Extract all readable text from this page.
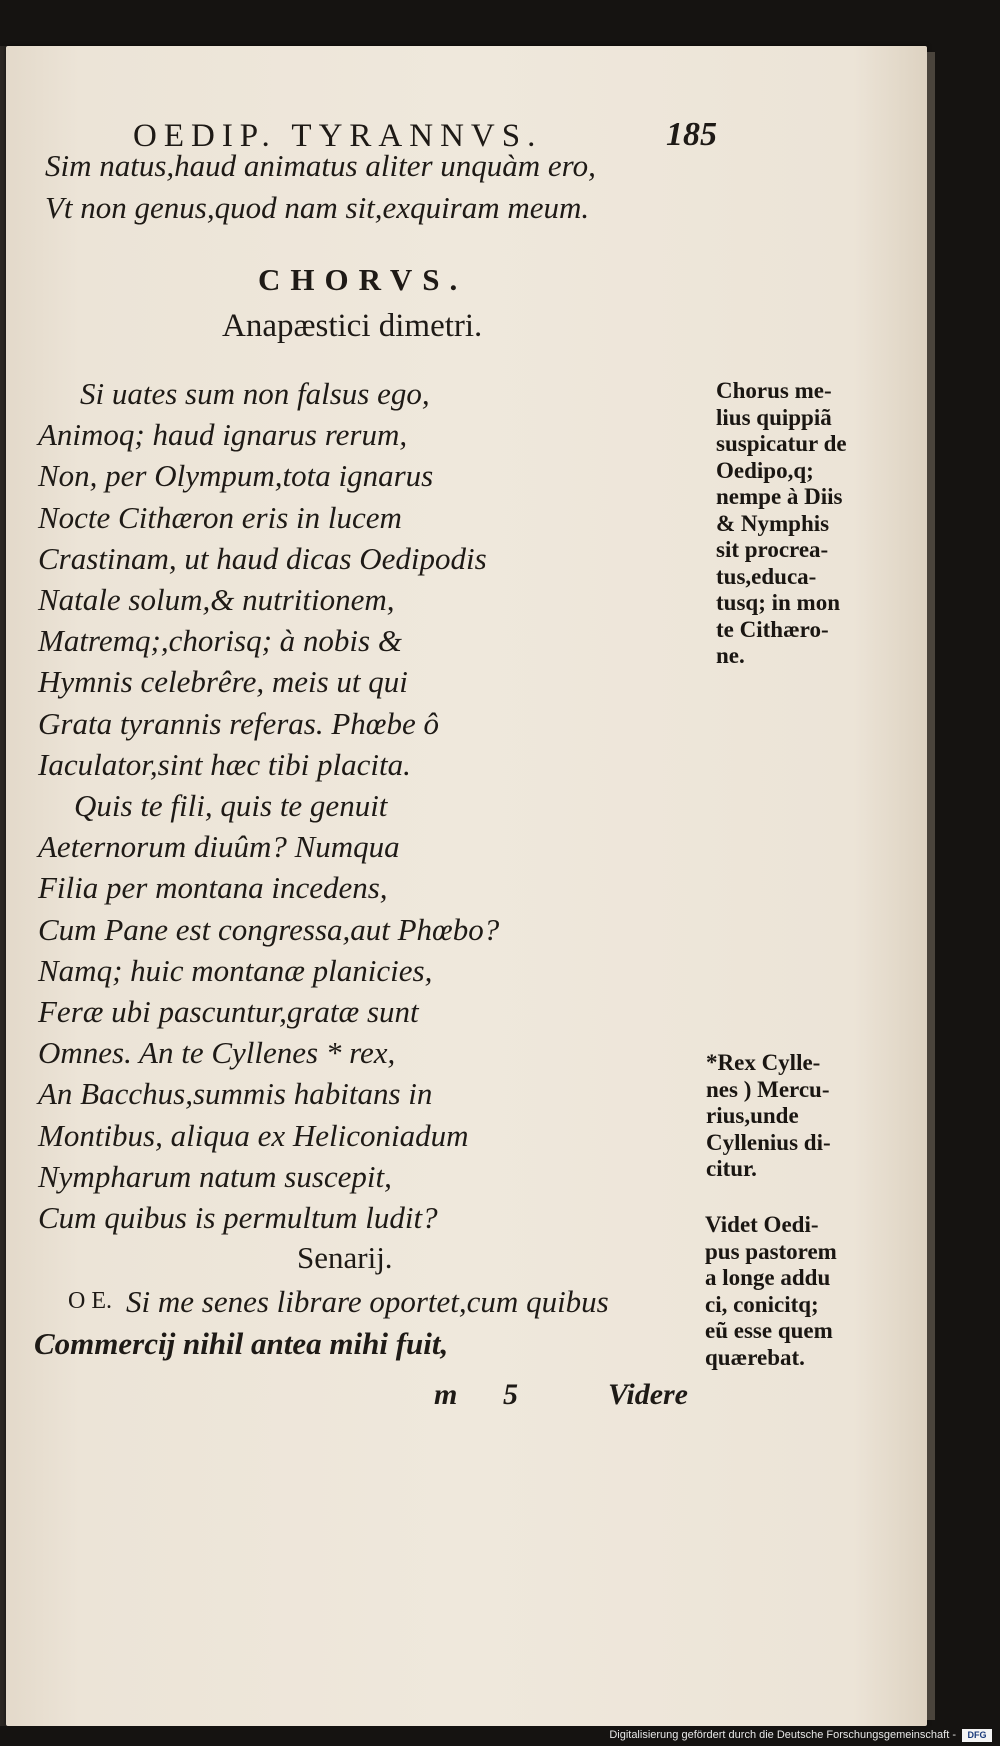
OEDIP. TYRANNVS.	185
Sim natus,haud animatus aliter unquàm ero,
Vt non genus,quod nam sit,exquiram meum.
CHORVS.
Anapæstici dimetri.
Si uates sum non falsus ego,
Animoq; haud ignarus rerum,
Non, per Olympum,tota ignarus
Nocte Cithæron eris in lucem
Crastinam, ut haud dicas Oedipodis
Natale solum,& nutritionem,
Matremq;,chorisq; à nobis &
Hymnis celebrêre, meis ut qui
Grata tyrannis referas. Phœbe ô
Iaculator,sint hæc tibi placita.
Quis te fili, quis te genuit
Aeternorum diuûm? Numqua
Filia per montana incedens,
Cum Pane est congressa,aut Phœbo?
Namq; huic montanæ planicies,
Feræ ubi pascuntur,gratæ sunt
Omnes. An te Cyllenes * rex,
An Bacchus,summis habitans in
Montibus, aliqua ex Heliconiadum
Nympharum natum suscepit,
Cum quibus is permultum ludit?
Senarij.
O E. Si me senes librare oportet,cum quibus
Commercij nihil antea mihi fuit,
m 5	Videre
Chorus me-
lius quippiã
suspicatur de
Oedipo,q;
nempe à Diis
& Nymphis
sit procrea-
tus,educa-
tusq; in mon
te Cithæro-
ne.
*Rex Cylle-
nes ) Mercu-
rius,unde
Cyllenius di-
citur.
Videt Oedi-
pus pastorem
a longe addu
ci, conicitq;
eũ esse quem
quærebat.
Digitalisierung gefördert durch die Deutsche Forschungsgemeinschaft -	DFG
